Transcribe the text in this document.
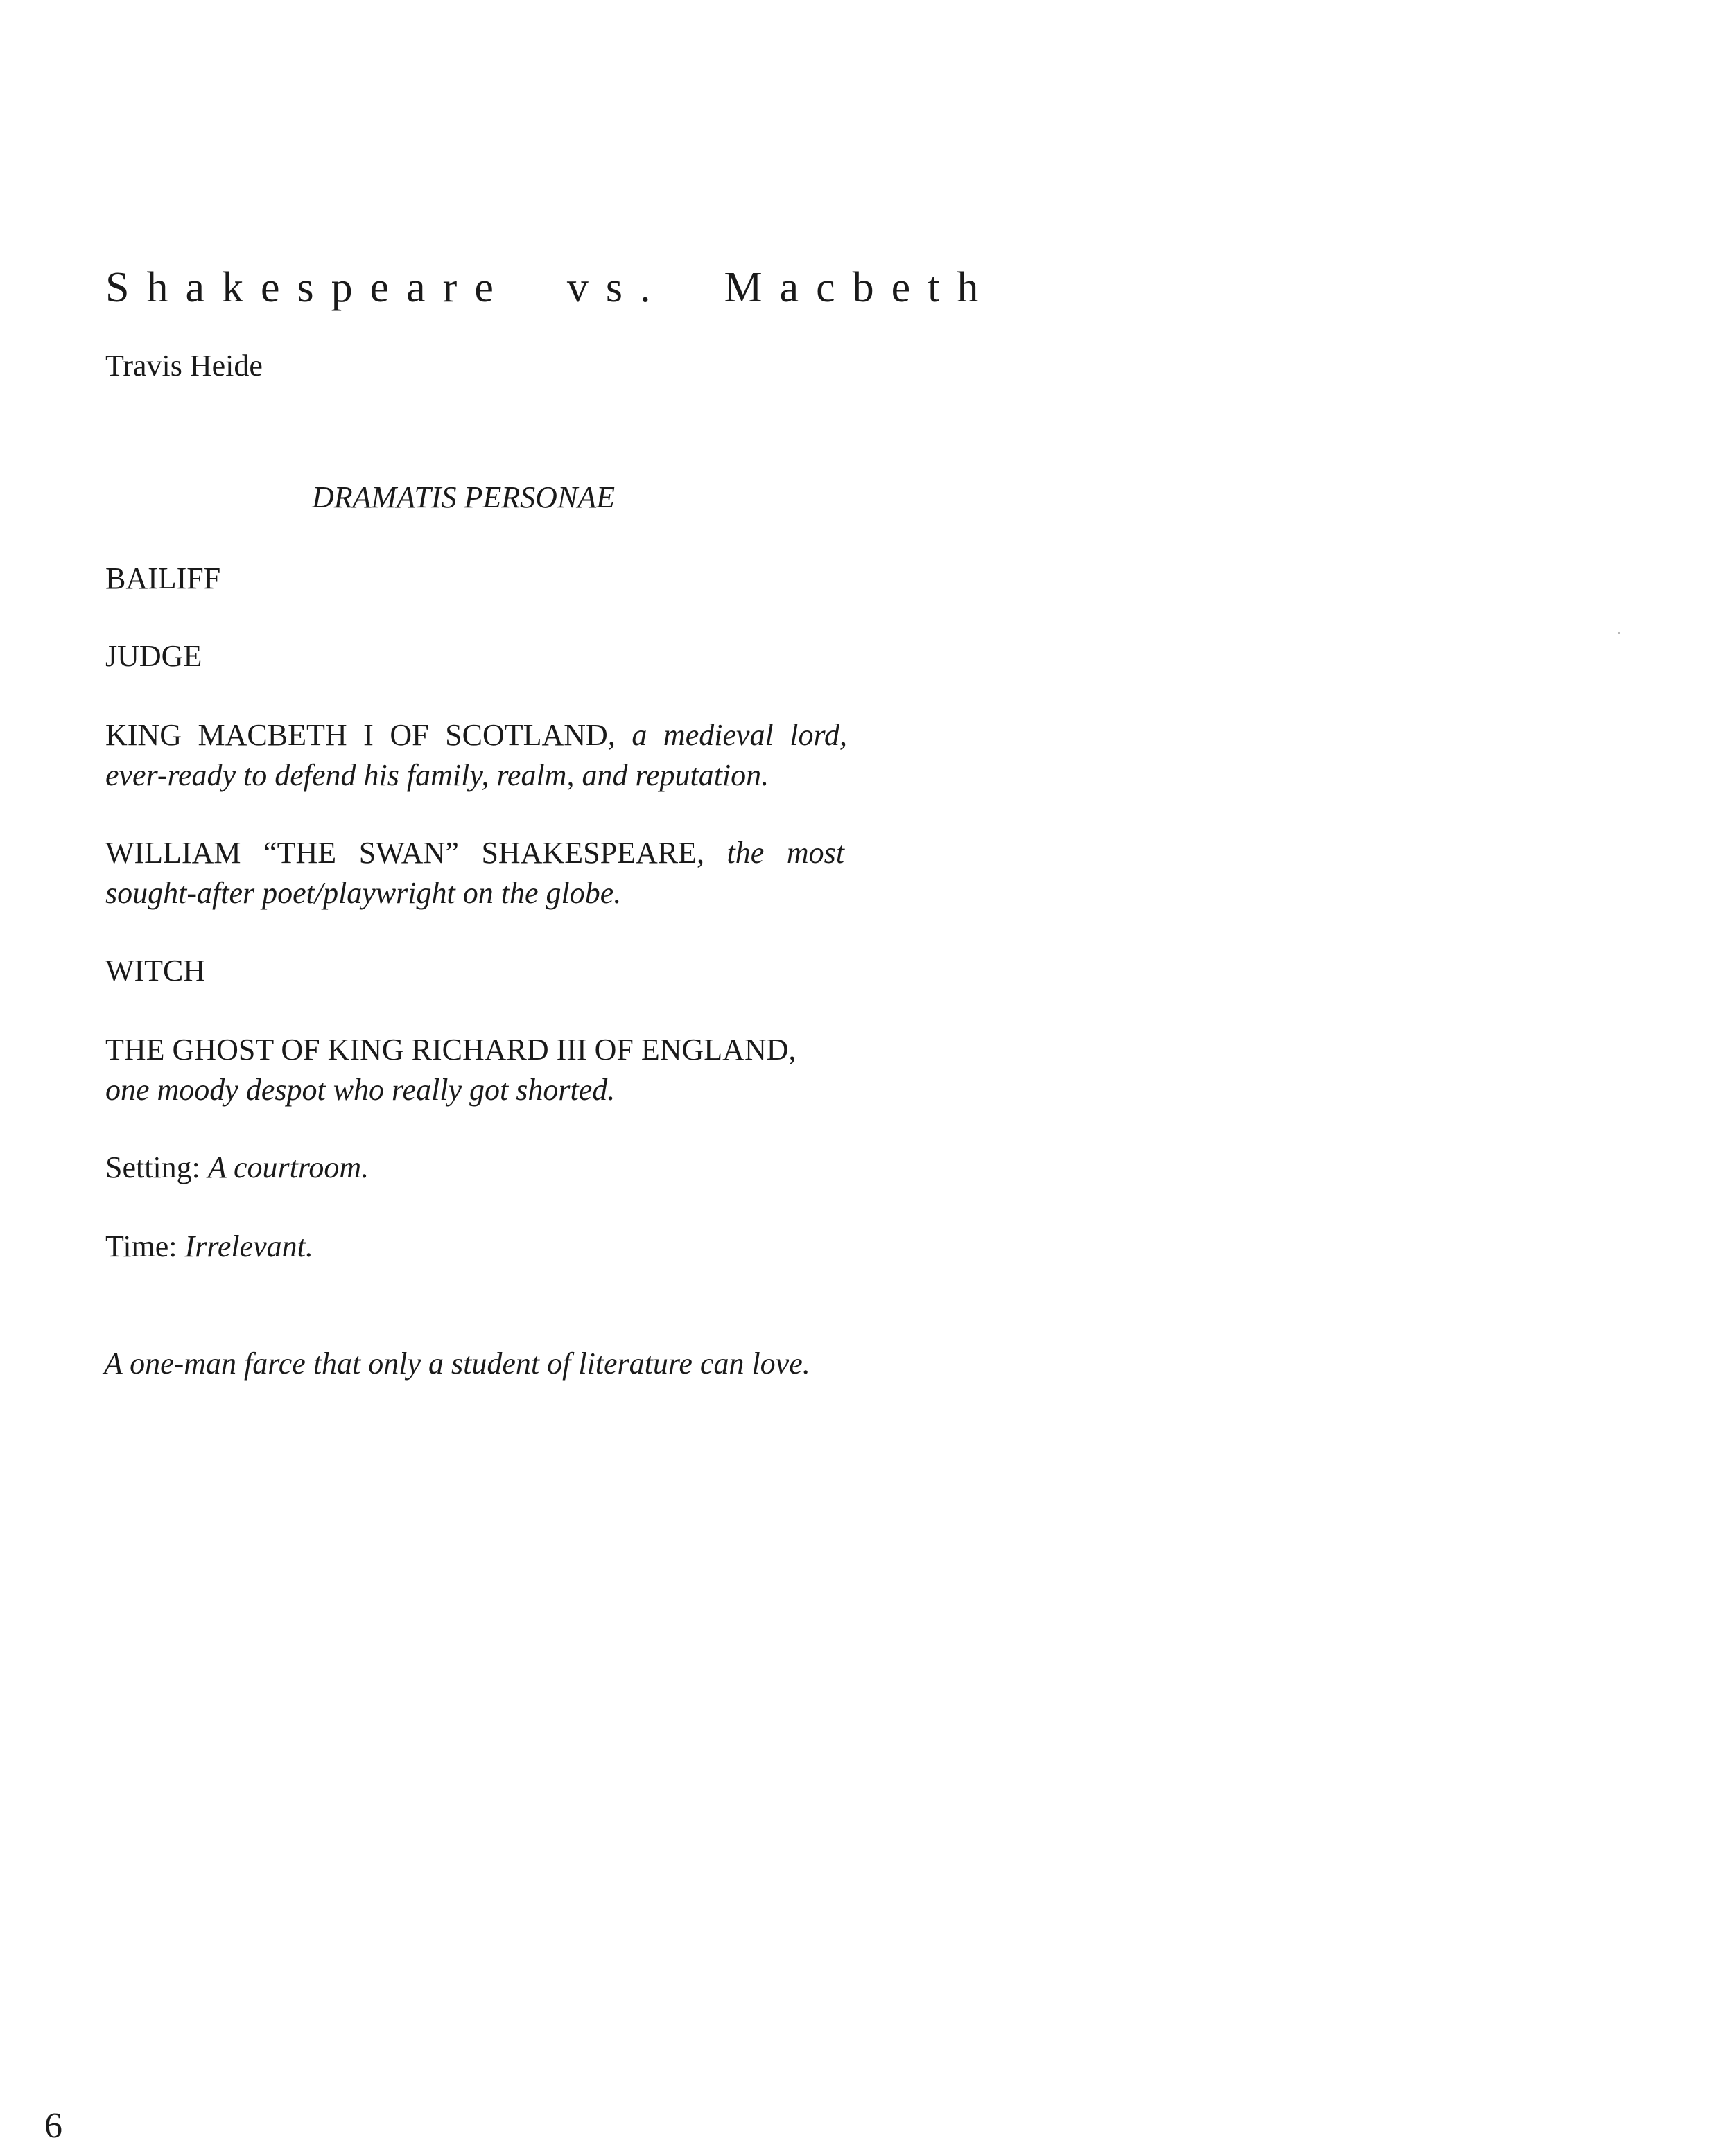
Shakespeare  vs.  Macbeth

Travis Heide

DRAMATIS PERSONAE

BAILIFF

JUDGE

KING MACBETH I OF SCOTLAND, a medieval lord, ever-ready to defend his family, realm, and reputation.

WILLIAM “THE SWAN” SHAKESPEARE, the most sought-after poet/playwright on the globe.

WITCH

THE GHOST OF KING RICHARD III OF ENGLAND,
one moody despot who really got shorted.

Setting: A courtroom.

Time: Irrelevant.

A one-man farce that only a student of literature can love.

6
